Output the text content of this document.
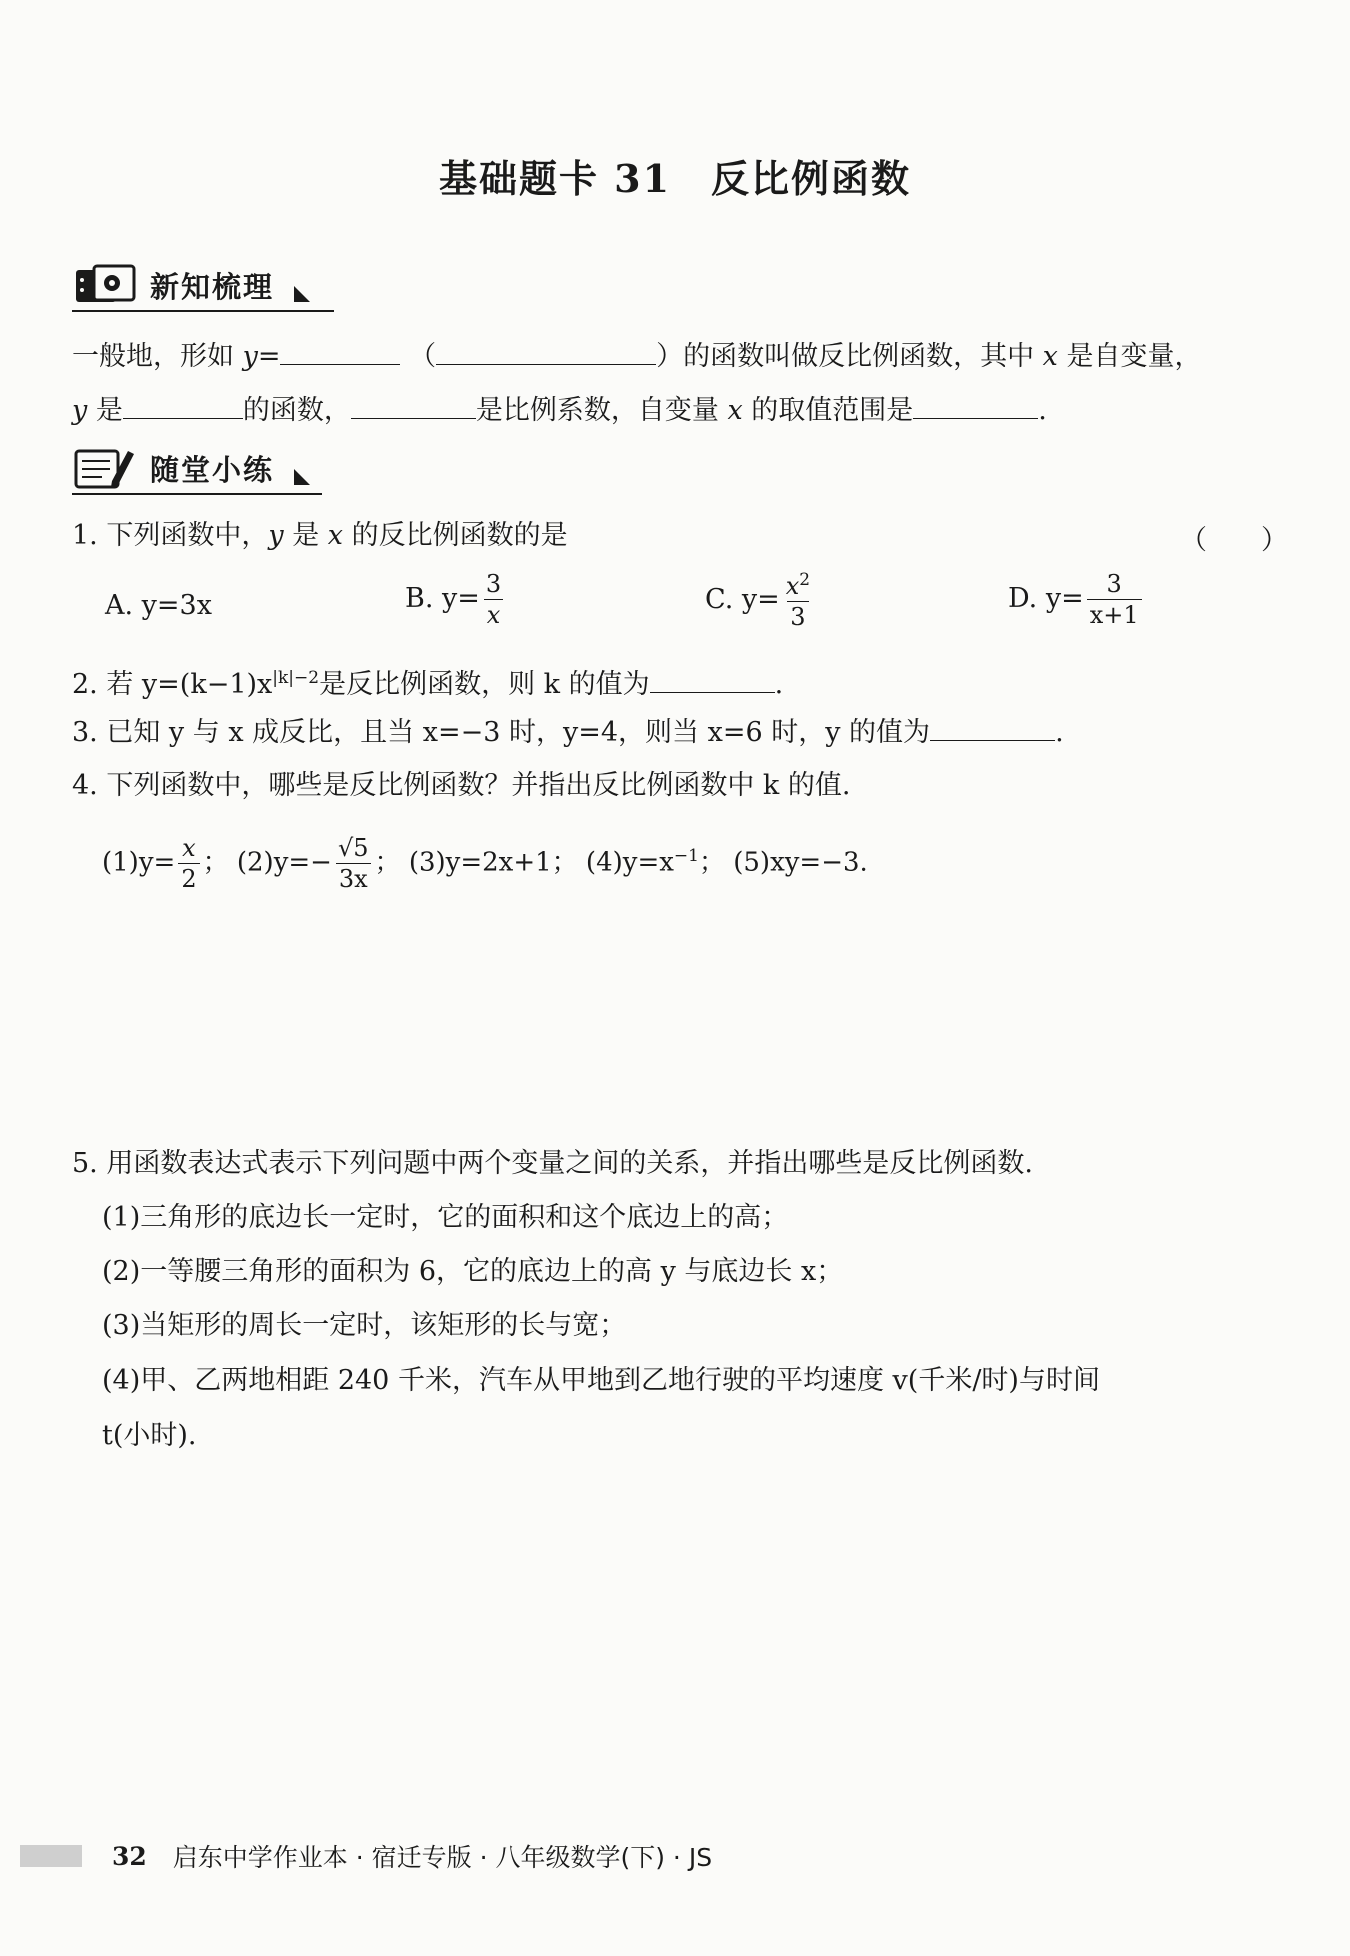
基础题卡 31　反比例函数
新知梳理
一般地，形如 y=	（	）的函数叫做反比例函数，其中 x 是自变量，
y 是	的函数，	是比例系数，自变量 x 的取值范围是	.
随堂小练
1. 下列函数中，y 是 x 的反比例函数的是	（　　）
A. y=3x	B. $y= \frac{3}{x}$	C. $y= \frac{x^2}{3}$	D. $y= \frac{3}{x+1}$
2. 若 $y=(k-1)x^{|k|-2}$是反比例函数，则 k 的值为	.
3. 已知 y 与 x 成反比，且当 x=−3 时，y=4，则当 x=6 时，y 的值为	.
4. 下列函数中，哪些是反比例函数？并指出反比例函数中 k 的值.
$(1)y= \frac{x}{2}$ ； $(2)y=- \frac{√5}{3x}$ ； (3)y=2x+1； $(4)y=x^{-1}$； (5)xy=−3.
5. 用函数表达式表示下列问题中两个变量之间的关系，并指出哪些是反比例函数.
(1)三角形的底边长一定时，它的面积和这个底边上的高；
(2)一等腰三角形的面积为 6，它的底边上的高 y 与底边长 x；
(3)当矩形的周长一定时，该矩形的长与宽；
(4)甲、乙两地相距 240 千米，汽车从甲地到乙地行驶的平均速度 v(千米/时)与时间
t(小时).
32 启东中学作业本 · 宿迁专版 · 八年级数学(下) · JS
